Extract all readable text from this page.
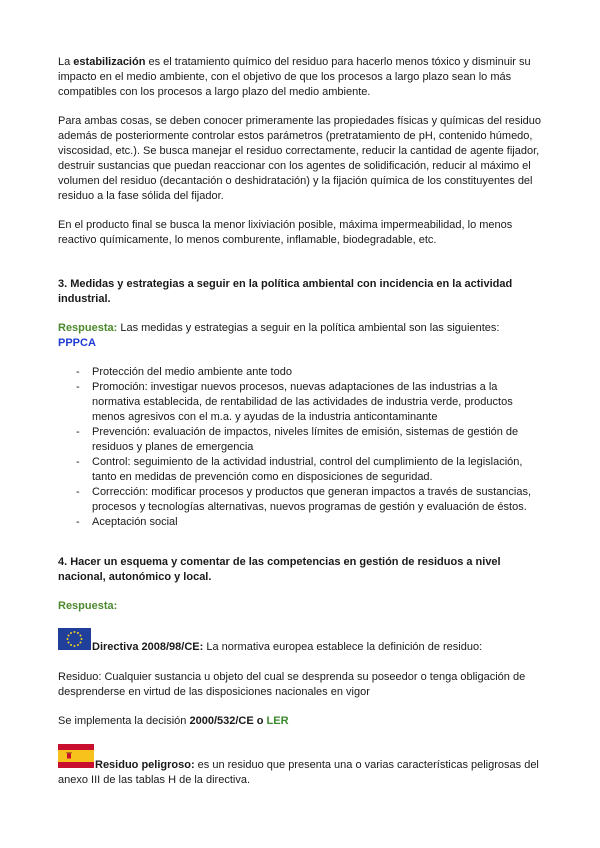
La estabilización es el tratamiento químico del residuo para hacerlo menos tóxico y disminuir su impacto en el medio ambiente, con el objetivo de que los procesos a largo plazo sean lo más compatibles con los procesos a largo plazo del medio ambiente.

Para ambas cosas, se deben conocer primeramente las propiedades físicas y químicas del residuo además de posteriormente controlar estos parámetros (pretratamiento de pH, contenido húmedo, viscosidad, etc.). Se busca manejar el residuo correctamente, reducir la cantidad de agente fijador, destruir sustancias que puedan reaccionar con los agentes de solidificación, reducir al máximo el volumen del residuo (decantación o deshidratación) y la fijación química de los constituyentes del residuo a la fase sólida del fijador.

En el producto final se busca la menor lixiviación posible, máxima impermeabilidad, lo menos reactivo químicamente, lo menos comburente, inflamable, biodegradable, etc.

3. Medidas y estrategias a seguir en la política ambiental con incidencia en la actividad industrial.

Respuesta: Las medidas y estrategias a seguir en la política ambiental son las siguientes:
PPPCA

- Protección del medio ambiente ante todo
- Promoción: investigar nuevos procesos, nuevas adaptaciones de las industrias a la normativa establecida, de rentabilidad de las actividades de industria verde, productos menos agresivos con el m.a. y ayudas de la industria anticontaminante
- Prevención: evaluación de impactos, niveles límites de emisión, sistemas de gestión de residuos y planes de emergencia
- Control: seguimiento de la actividad industrial, control del cumplimiento de la legislación, tanto en medidas de prevención como en disposiciones de seguridad.
- Corrección: modificar procesos y productos que generan impactos a través de sustancias, procesos y tecnologías alternativas, nuevos programas de gestión y evaluación de éstos.
- Aceptación social

4. Hacer un esquema y comentar de las competencias en gestión de residuos a nivel nacional, autonómico y local.

Respuesta:

Directiva 2008/98/CE: La normativa europea establece la definición de residuo:

Residuo: Cualquier sustancia u objeto del cual se desprenda su poseedor o tenga obligación de desprenderse en virtud de las disposiciones nacionales en vigor

Se implementa la decisión 2000/532/CE o LER

Residuo peligroso: es un residuo que presenta una o varias características peligrosas del anexo III de las tablas H de la directiva.
